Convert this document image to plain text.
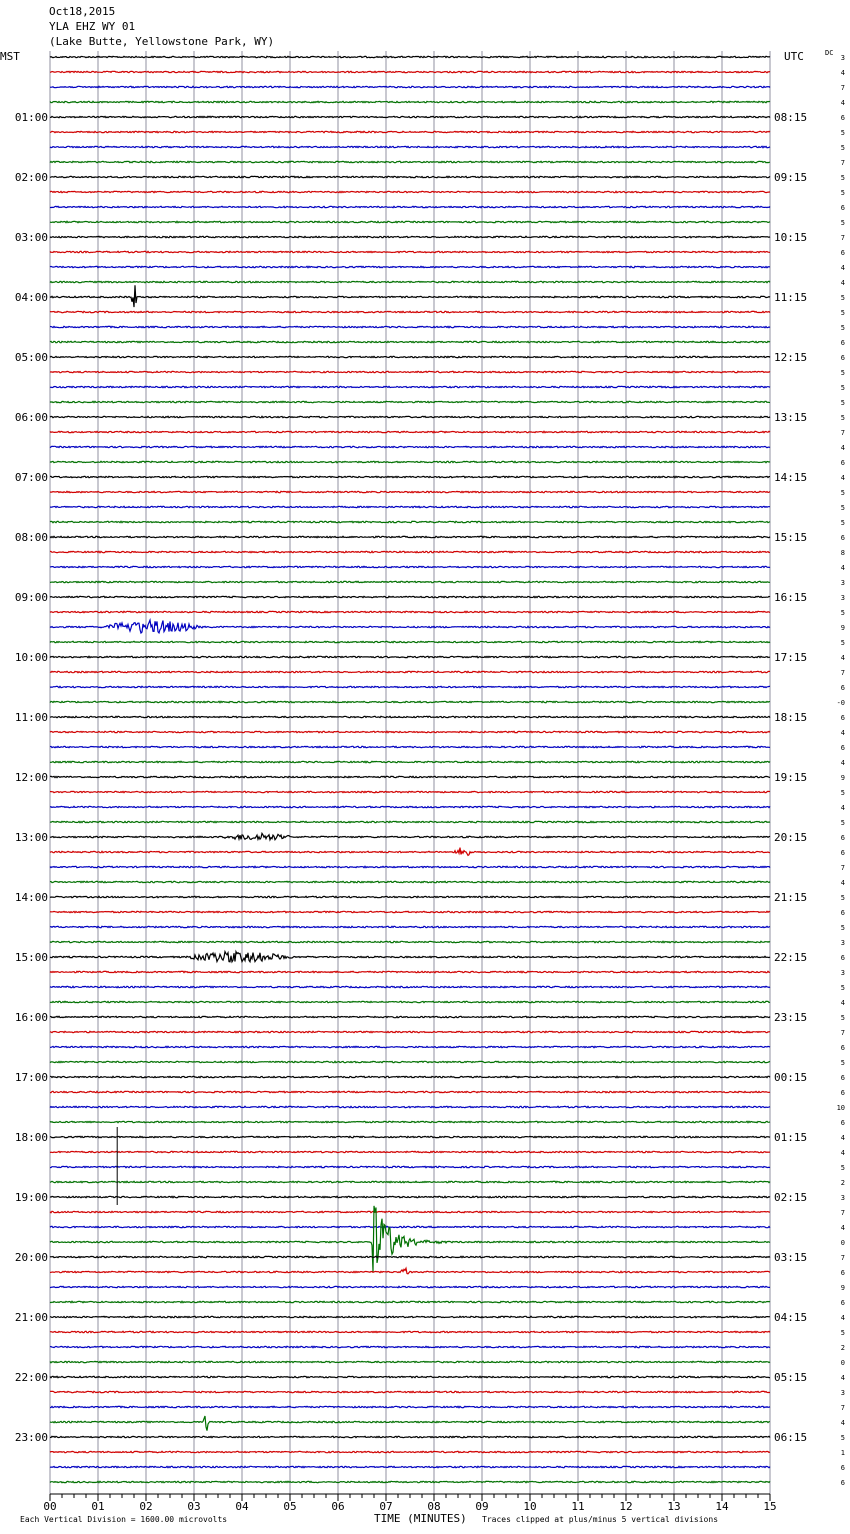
Oct18,2015
YLA EHZ WY 01
(Lake Butte, Yellowstone Park, WY)
MST	UTC	DC
3
4
7
4
6
5
5
7
5
5
6
5
7
6
4
4
5
5
5
6
6
5
5
5
5
7
4
6
4
5
5
5
6
8
4
3
3
5
9
5
4
7
6
-0
6
4
6
4
9
5
4
5
6
6
7
4
5
6
5
3
6
3
5
4
5
7
6
5
6
6
10
6
4
4
5
2
3
7
4
0
7
6
9
6
4
5
2
0
4
3
7
4
5
1
6
6
01:00
02:00
03:00
04:00
05:00
06:00
07:00
08:00
09:00
10:00
11:00
12:00
13:00
14:00
15:00
16:00
17:00
18:00
19:00
20:00
21:00
22:00
23:00
08:15
09:15
10:15
11:15
12:15
13:15
14:15
15:15
16:15
17:15
18:15
19:15
20:15
21:15
22:15
23:15
00:15
01:15
02:15
03:15
04:15
05:15
06:15
00	01	02	03	04	05	06	07	08	09	10	11	12	13	14	15
Each Vertical Division = 1600.00 microvolts	TIME (MINUTES) Traces clipped at plus/minus 5 vertical divisions
